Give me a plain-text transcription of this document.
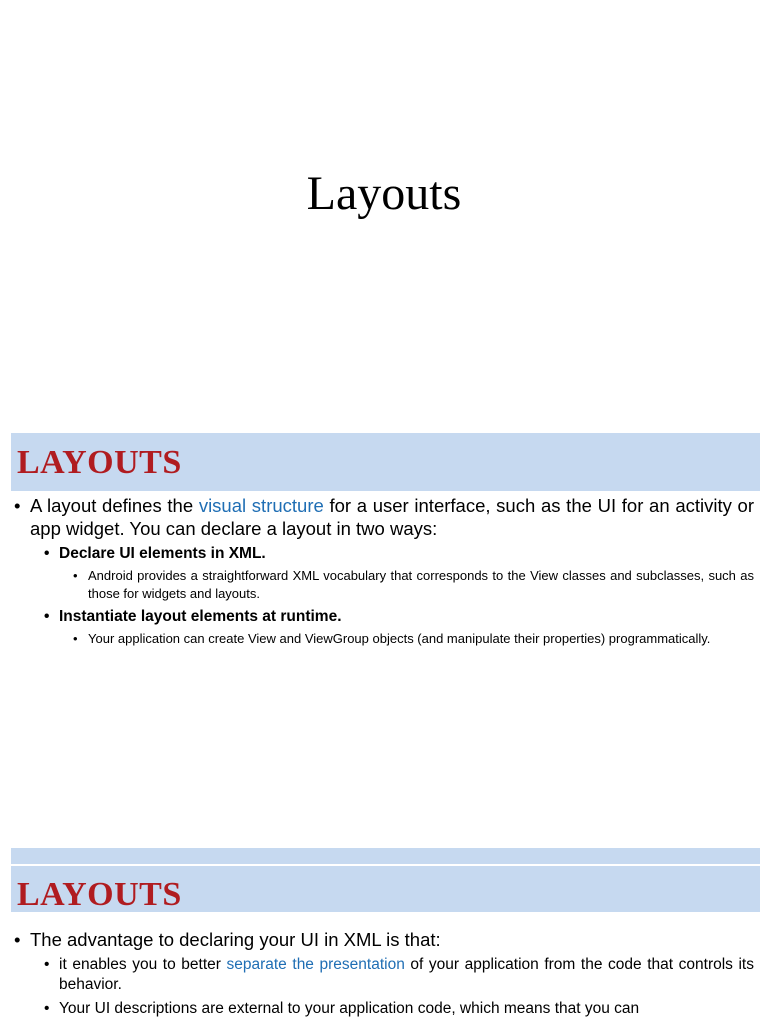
Layouts
LAYOUTS

• A layout defines the visual structure for a user interface, such as the UI for an activity or app widget. You can declare a layout in two ways:

• Declare UI elements in XML.

• Android provides a straightforward XML vocabulary that corresponds to the View classes and subclasses, such as those for widgets and layouts.

• Instantiate layout elements at runtime.

• Your application can create View and ViewGroup objects (and manipulate their properties) programmatically.

LAYOUTS

• The advantage to declaring your UI in XML is that:

• it enables you to better separate the presentation of your application from the code that controls its behavior.

• Your UI descriptions are external to your application code, which means that you can
